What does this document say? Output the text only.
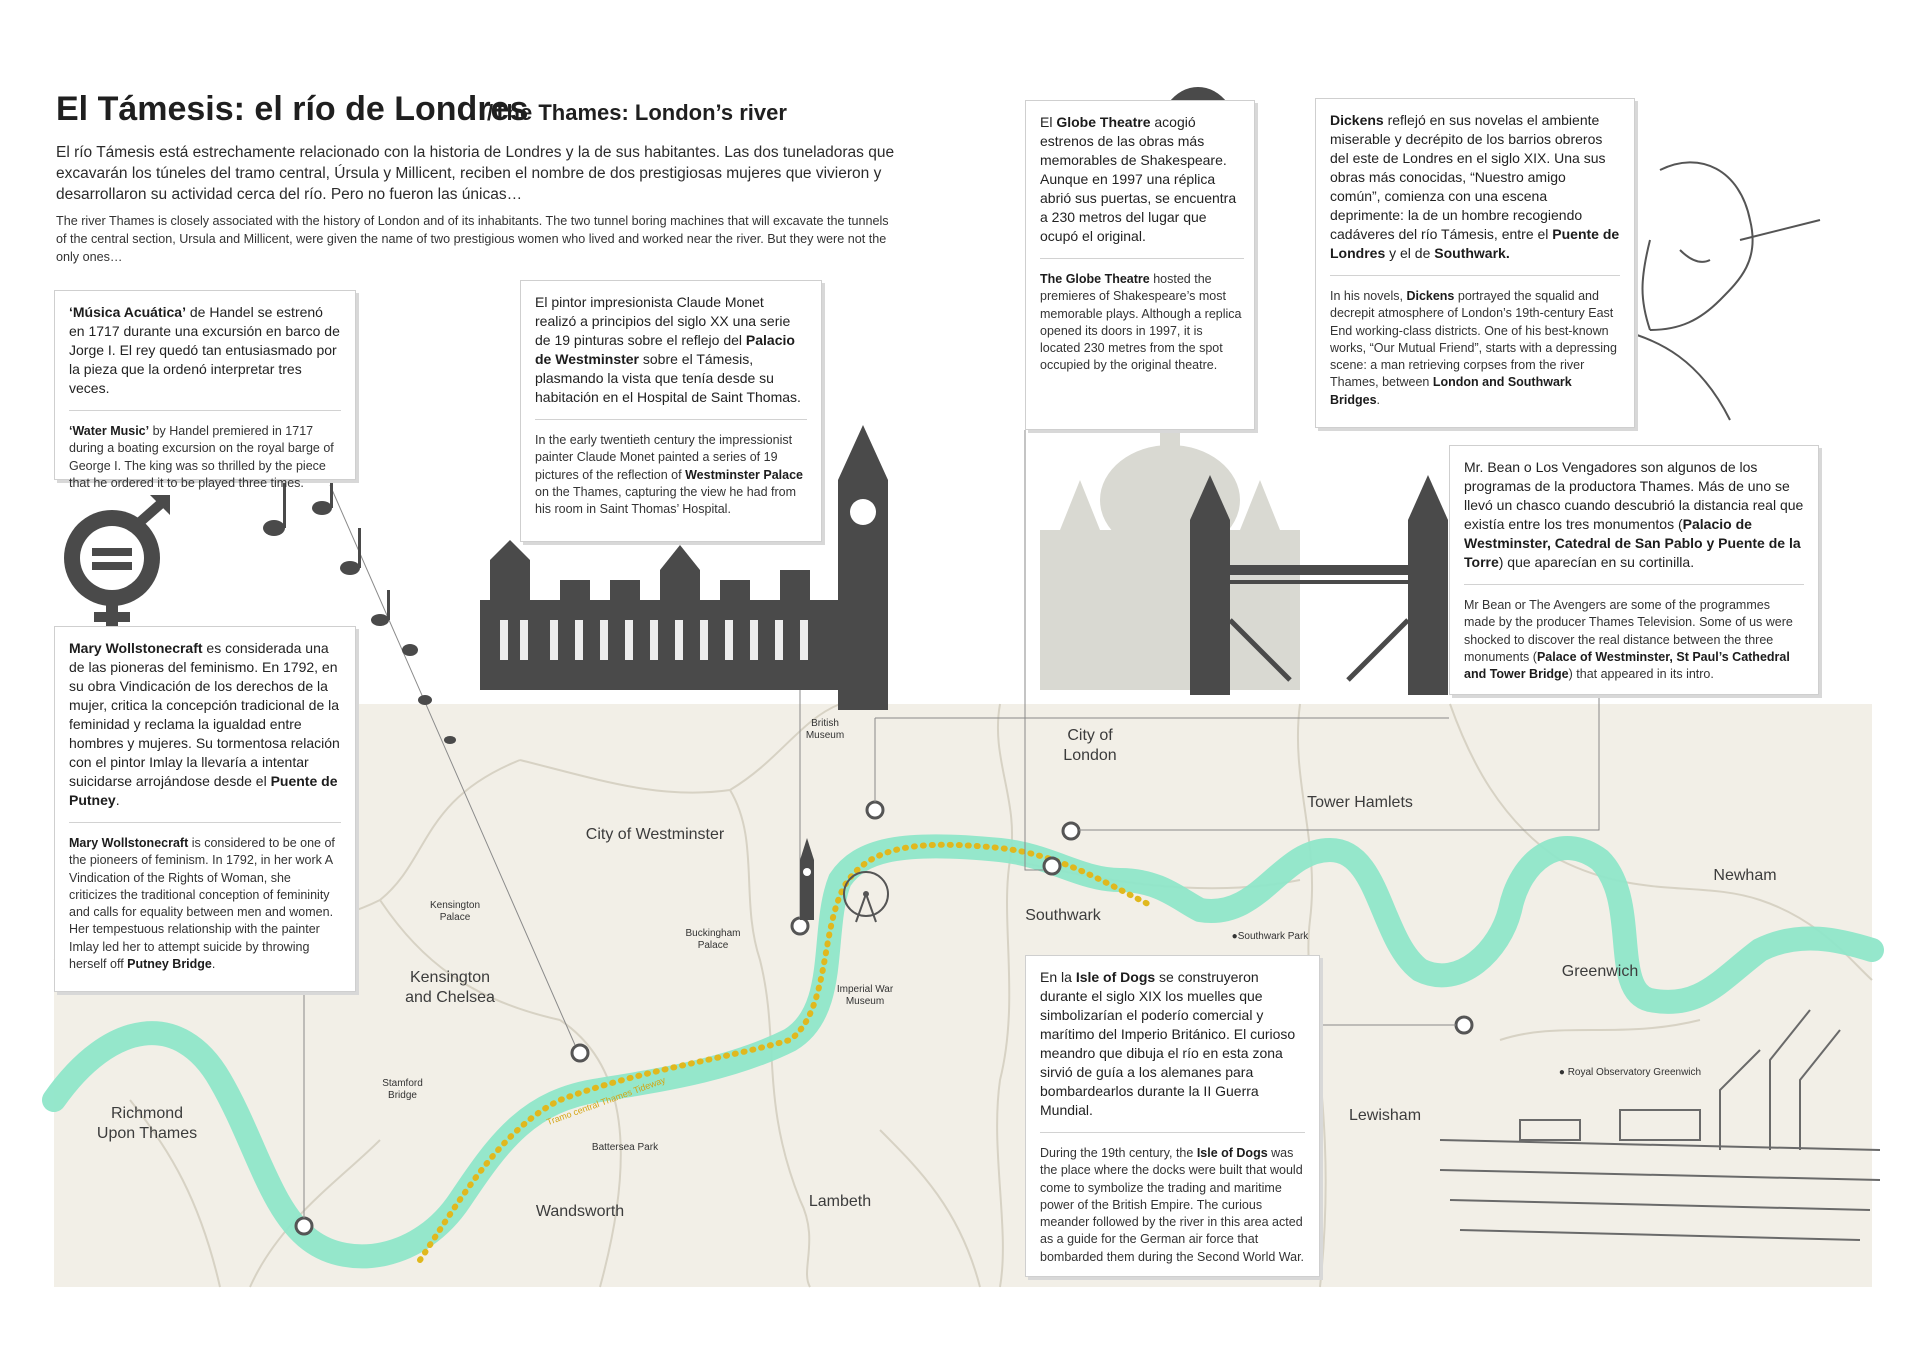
El Támesis: el río de Londres
/The Thames: London’s river
El río Támesis está estrechamente relacionado con la historia de Londres y la de sus habitantes. Las dos tuneladoras que excavarán los túneles del tramo central, Úrsula y Millicent, reciben el nombre de dos prestigiosas mujeres que vivieron y desarrollaron su actividad cerca del río. Pero no fueron las únicas…
The river Thames is closely associated with the history of London and of its inhabitants. The two tunnel boring machines that will excavate the tunnels of the central section, Ursula and Millicent, were given the name of two prestigious women who lived and worked near the river. But they were not the only ones…
Richmond Upon Thames
Kensington and Chelsea
City of Westminster
City of London
Tower Hamlets
Southwark
Newham
Greenwich
Lewisham
Lambeth
Wandsworth
British Museum
Kensington Palace
Buckingham Palace
Imperial War Museum
Stamford Bridge
Battersea Park
●Southwark Park
● Royal Observatory Greenwich
Tramo central Thames Tideway
‘Música Acuática’ de Handel se estrenó en 1717 durante una excursión en barco de Jorge I. El rey quedó tan entusiasmado por la pieza que la ordenó interpretar tres veces.
‘Water Music’ by Handel premiered in 1717 during a boating excursion on the royal barge of George I. The king was so thrilled by the piece that he ordered it to be played three times.
El pintor impresionista Claude Monet realizó a principios del siglo XX una serie de 19 pinturas sobre el reflejo del Palacio de Westminster sobre el Támesis, plasmando la vista que tenía desde su habitación en el Hospital de Saint Thomas.
In the early twentieth century the impressionist painter Claude Monet painted a series of 19 pictures of the reflection of Westminster Palace on the Thames, capturing the view he had from his room in Saint Thomas’ Hospital.
El Globe Theatre acogió estrenos de las obras más memorables de Shakespeare. Aunque en 1997 una réplica abrió sus puertas, se encuentra a 230 metros del lugar que ocupó el original.
The Globe Theatre hosted the premieres of Shakespeare’s most memorable plays. Although a replica opened its doors in 1997, it is located 230 metres from the spot occupied by the original theatre.
Dickens reflejó en sus novelas el ambiente miserable y decrépito de los barrios obreros del este de Londres en el siglo XIX. Una sus obras más conocidas, “Nuestro amigo común”, comienza con una escena deprimente: la de un hombre recogiendo cadáveres del río Támesis, entre el Puente de Londres y el de Southwark.
In his novels, Dickens portrayed the squalid and decrepit atmosphere of London’s 19th-century East End working-class districts. One of his best-known works, “Our Mutual Friend”, starts with a depressing scene: a man retrieving corpses from the river Thames, between London and Southwark Bridges.
Mr. Bean o Los Vengadores son algunos de los programas de la productora Thames. Más de uno se llevó un chasco cuando descubrió la distancia real que existía entre los tres monumentos (Palacio de Westminster, Catedral de San Pablo y Puente de la Torre) que aparecían en su cortinilla.
Mr Bean or The Avengers are some of the programmes made by the producer Thames Television. Some of us were shocked to discover the real distance between the three monuments (Palace of Westminster, St Paul’s Cathedral and Tower Bridge) that appeared in its intro.
Mary Wollstonecraft es considerada una de las pioneras del feminismo. En 1792, en su obra Vindicación de los derechos de la mujer, critica la concepción tradicional de la feminidad y reclama la igualdad entre hombres y mujeres. Su tormentosa relación con el pintor Imlay la llevaría a intentar suicidarse arrojándose desde el Puente de Putney.
Mary Wollstonecraft is considered to be one of the pioneers of feminism. In 1792, in her work A Vindication of the Rights of Woman, she criticizes the traditional conception of femininity and calls for equality between men and women. Her tempestuous relationship with the painter Imlay led her to attempt suicide by throwing herself off Putney Bridge.
En la Isle of Dogs se construyeron durante el siglo XIX los muelles que simbolizarían el poderío comercial y marítimo del Imperio Británico. El curioso meandro que dibuja el río en esta zona sirvió de guía a los alemanes para bombardearlos durante la II Guerra Mundial.
During the 19th century, the Isle of Dogs was the place where the docks were built that would come to symbolize the trading and maritime power of the British Empire. The curious meander followed by the river in this area acted as a guide for the German air force that bombarded them during the Second World War.
